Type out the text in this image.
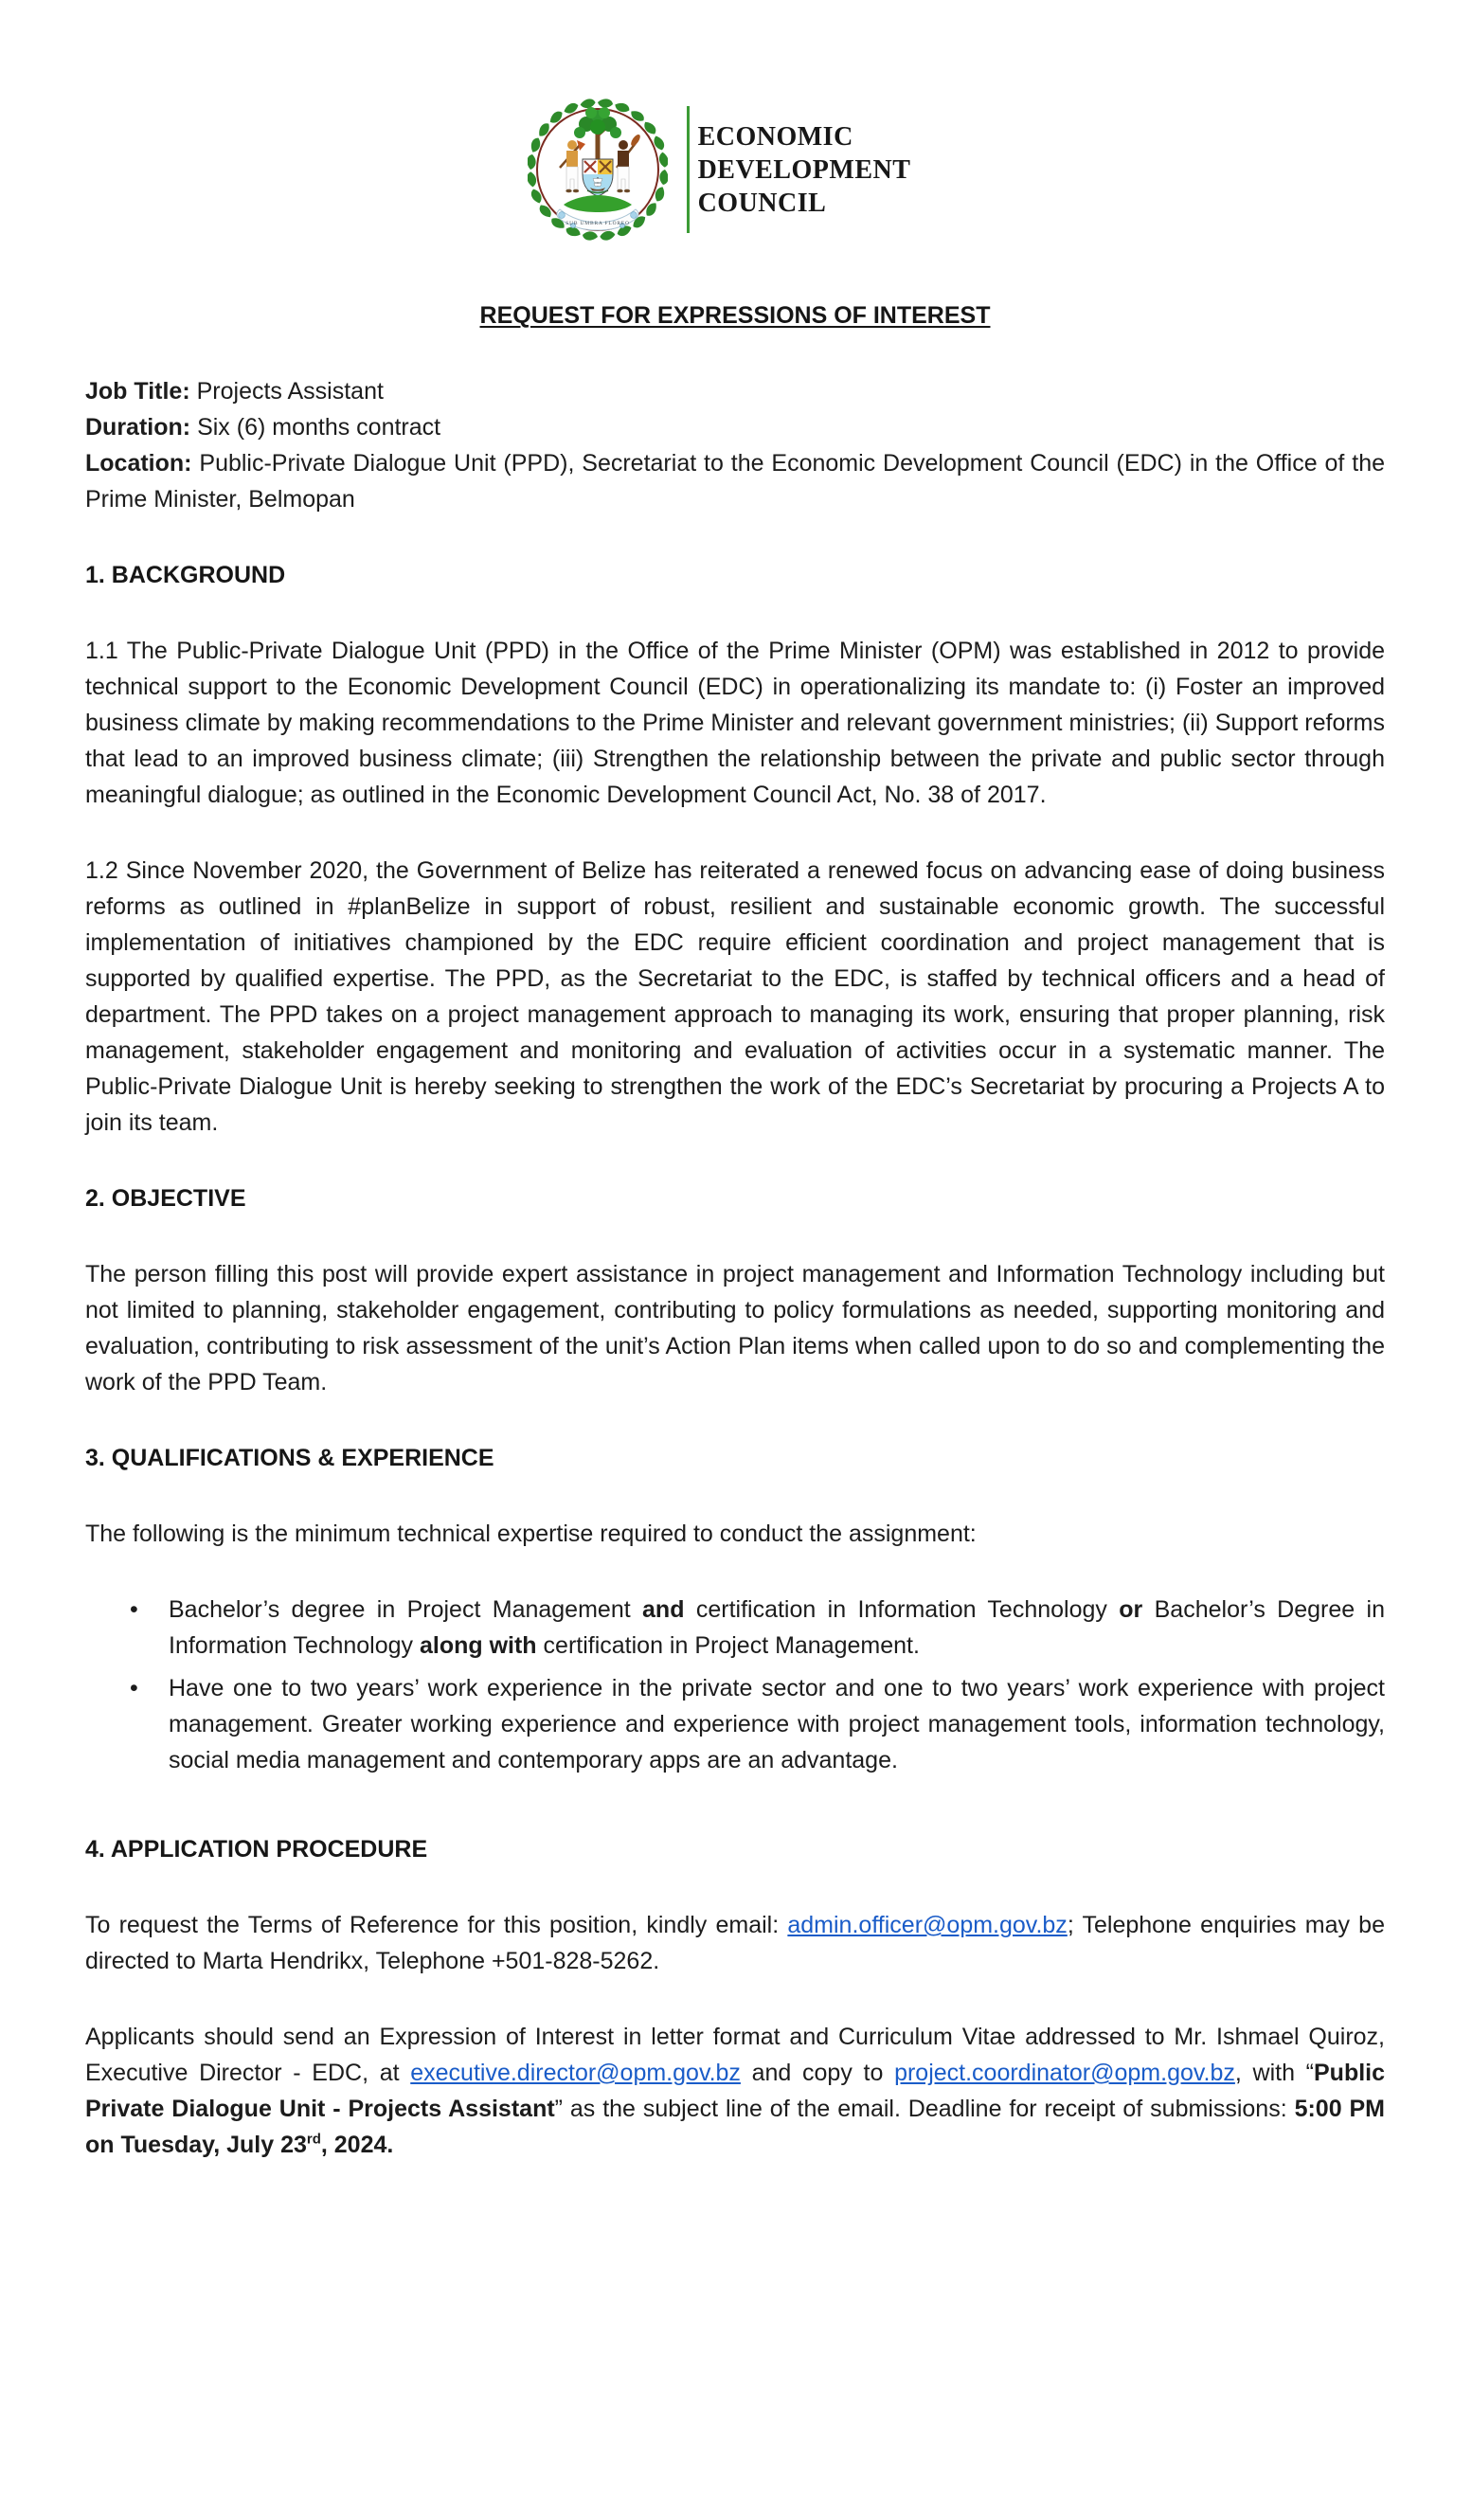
SUB UMBRA FLOREO
ECONOMIC
DEVELOPMENT
COUNCIL
REQUEST FOR EXPRESSIONS OF INTEREST

Job Title: Projects Assistant
Duration: Six (6) months contract
Location: Public-Private Dialogue Unit (PPD), Secretariat to the Economic Development Council (EDC) in the Office of the Prime Minister, Belmopan

1. BACKGROUND

1.1 The Public-Private Dialogue Unit (PPD) in the Office of the Prime Minister (OPM) was established in 2012 to provide technical support to the Economic Development Council (EDC) in operationalizing its mandate to: (i) Foster an improved business climate by making recommendations to the Prime Minister and relevant government ministries; (ii) Support reforms that lead to an improved business climate; (iii) Strengthen the relationship between the private and public sector through meaningful dialogue; as outlined in the Economic Development Council Act, No. 38 of 2017.

1.2 Since November 2020, the Government of Belize has reiterated a renewed focus on advancing ease of doing business reforms as outlined in #planBelize in support of robust, resilient and sustainable economic growth. The successful implementation of initiatives championed by the EDC require efficient coordination and project management that is supported by qualified expertise. The PPD, as the Secretariat to the EDC, is staffed by technical officers and a head of department. The PPD takes on a project management approach to managing its work, ensuring that proper planning, risk management, stakeholder engagement and monitoring and evaluation of activities occur in a systematic manner. The Public-Private Dialogue Unit is hereby seeking to strengthen the work of the EDC’s Secretariat by procuring a Projects A to join its team.

2. OBJECTIVE

The person filling this post will provide expert assistance in project management and Information Technology including but not limited to planning, stakeholder engagement, contributing to policy formulations as needed, supporting monitoring and evaluation, contributing to risk assessment of the unit’s Action Plan items when called upon to do so and complementing the work of the PPD Team.

3. QUALIFICATIONS & EXPERIENCE

The following is the minimum technical expertise required to conduct the assignment:

• Bachelor’s degree in Project Management and certification in Information Technology or Bachelor’s Degree in Information Technology along with certification in Project Management.
• Have one to two years’ work experience in the private sector and one to two years’ work experience with project management. Greater working experience and experience with project management tools, information technology, social media management and contemporary apps are an advantage.
4. APPLICATION PROCEDURE

To request the Terms of Reference for this position, kindly email: admin.officer@opm.gov.bz; Telephone enquiries may be directed to Marta Hendrikx, Telephone +501-828-5262.

Applicants should send an Expression of Interest in letter format and Curriculum Vitae addressed to Mr. Ishmael Quiroz, Executive Director - EDC, at executive.director@opm.gov.bz and copy to project.coordinator@opm.gov.bz, with “Public Private Dialogue Unit - Projects Assistant” as the subject line of the email. Deadline for receipt of submissions: 5:00 PM on Tuesday, July 23rd, 2024.
